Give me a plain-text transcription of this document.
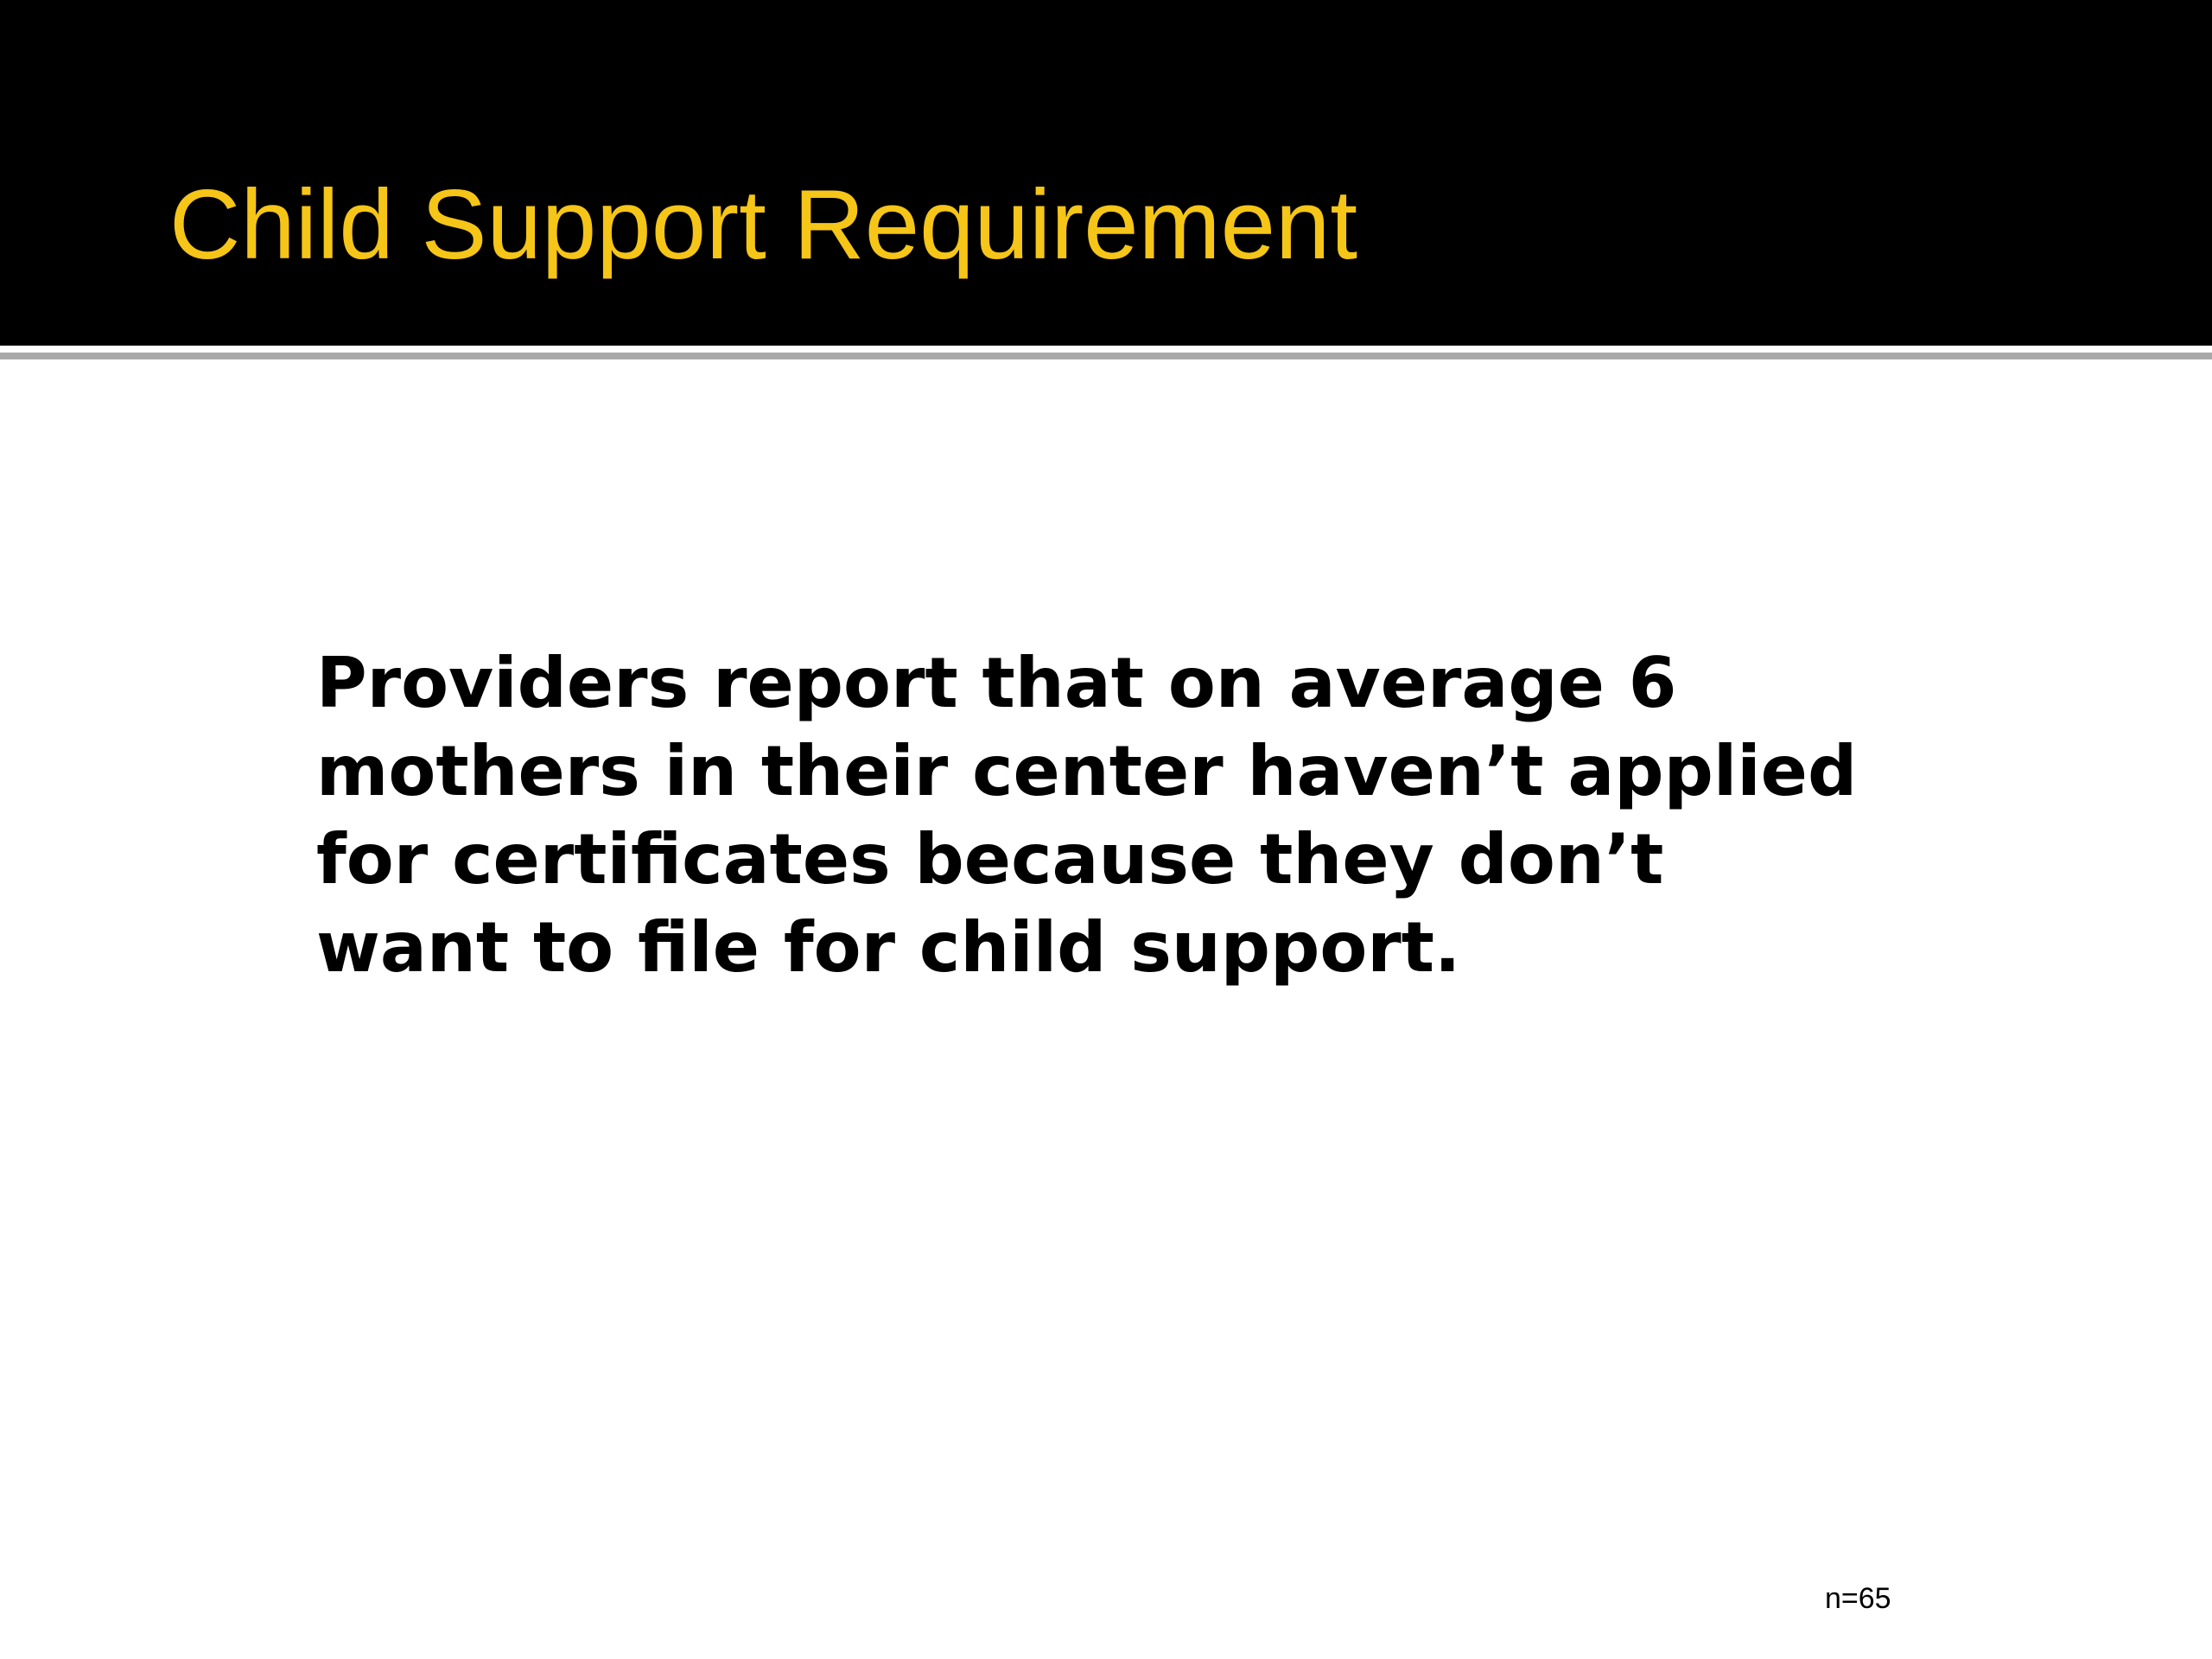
Child Support Requirement

Providers report that on average 6 mothers in their center haven’t applied for certificates because they don’t want to file for child support.

n=65
